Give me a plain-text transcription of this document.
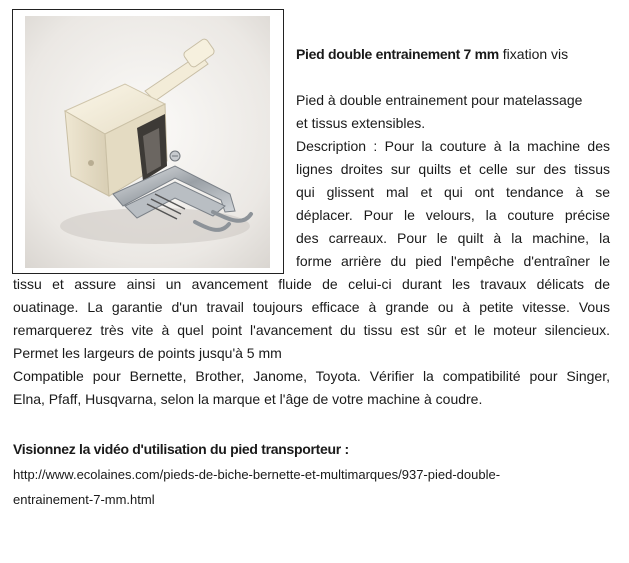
Pied double entrainement 7 mm fixation vis
Pied à double entrainement pour matelassage
et tissus extensibles.
Description : Pour la couture à la machine des
lignes droites sur quilts et celle sur des tissus
qui glissent mal et qui ont tendance à se
déplacer. Pour le velours, la couture précise
des carreaux. Pour le quilt à la machine, la
forme arrière du pied l'empêche d'entraîner le
tissu et assure ainsi un avancement fluide de celui-ci durant les travaux délicats de
ouatinage. La garantie d'un travail toujours efficace à grande ou à petite vitesse. Vous
remarquerez très vite à quel point l'avancement du tissu est sûr et le moteur silencieux.
Permet les largeurs de points jusqu'à 5 mm
Compatible pour Bernette, Brother, Janome, Toyota. Vérifier la compatibilité pour Singer,
Elna, Pfaff, Husqvarna, selon la marque et l'âge de votre machine à coudre.
Visionnez la vidéo d'utilisation du pied transporteur :
http://www.ecolaines.com/pieds-de-biche-bernette-et-multimarques/937-pied-double-
entrainement-7-mm.html
